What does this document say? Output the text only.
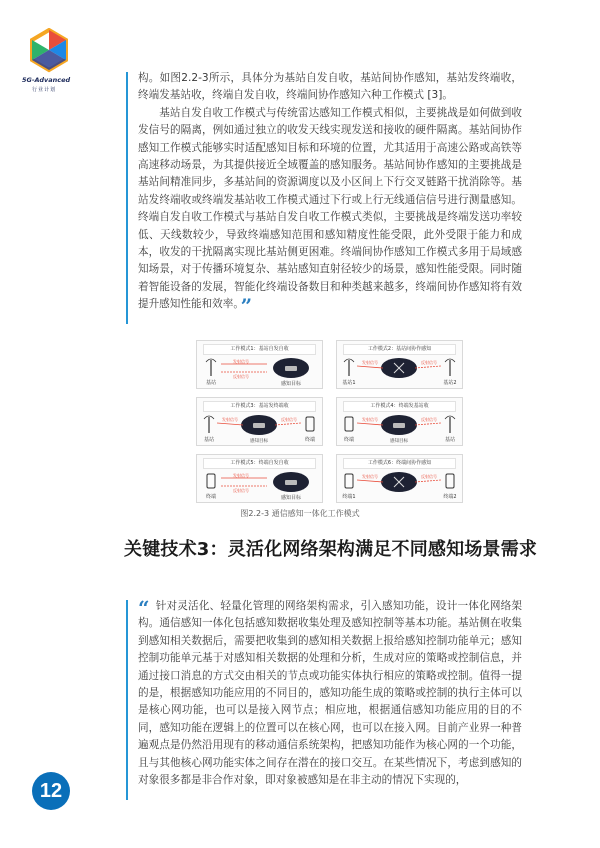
5G-Advanced
行业计划

构。如图2.2-3所示，具体分为基站自发自收，基站间协作感知，基站发终端收，终端发基站收，终端自发自收，终端间协作感知六种工作模式 [3]。

基站自发自收工作模式与传统雷达感知工作模式相似，主要挑战是如何做到收发信号的隔离，例如通过独立的收发天线实现发送和接收的硬件隔离。基站间协作感知工作模式能够实时适配感知目标和环境的位置，尤其适用于高速公路或高铁等高速移动场景，为其提供接近全域覆盖的感知服务。基站间协作感知的主要挑战是基站间精准同步，多基站间的资源调度以及小区间上下行交叉链路干扰消除等。基站发终端收或终端发基站收工作模式通过下行或上行无线通信信号进行测量感知。终端自发自收工作模式与基站自发自收工作模式类似，主要挑战是终端发送功率较低、天线数较少，导致终端感知范围和感知精度性能受限，此外受限于能力和成本，收发的干扰隔离实现比基站侧更困难。终端间协作感知工作模式多用于局域感知场景，对于传播环境复杂、基站感知直射径较少的场景，感知性能受限。同时随着智能设备的发展，智能化终端设备数目和种类越来越多，终端间协作感知将有效提升感知性能和效率。 ”

工作模式1：基站自发自收
基站
发射信号
反射信号
感知目标
工作模式2：基站间协作感知
基站1
发射信号	反射信号
基站2
工作模式3：基站发终端收
基站	感知目标
发射信号	反射信号
终端
工作模式4：终端发基站收
终端	感知目标
发射信号	反射信号
基站
工作模式5：终端自发自收
终端
发射信号
反射信号
感知目标
工作模式6：终端间协作感知
终端1
发射信号	反射信号
终端2
图2.2-3 通信感知一体化工作模式
关键技术3：灵活化网络架构满足不同感知场景需求

“ 针对灵活化、轻量化管理的网络架构需求，引入感知功能，设计一体化网络架构。通信感知一体化包括感知数据收集处理及感知控制等基本功能。基站侧在收集到感知相关数据后，需要把收集到的感知相关数据上报给感知控制功能单元；感知控制功能单元基于对感知相关数据的处理和分析，生成对应的策略或控制信息，并通过接口消息的方式交由相关的节点或功能实体执行相应的策略或控制。值得一提的是，根据感知功能应用的不同目的，感知功能生成的策略或控制的执行主体可以是核心网功能，也可以是接入网节点；相应地，根据通信感知功能应用的目的不同，感知功能在逻辑上的位置可以在核心网，也可以在接入网。目前产业界一种普遍观点是仍然沿用现有的移动通信系统架构，把感知功能作为核心网的一个功能，且与其他核心网功能实体之间存在潜在的接口交互。在某些情况下，考虑到感知的对象很多都是非合作对象，即对象被感知是在非主动的情况下实现的，

12
